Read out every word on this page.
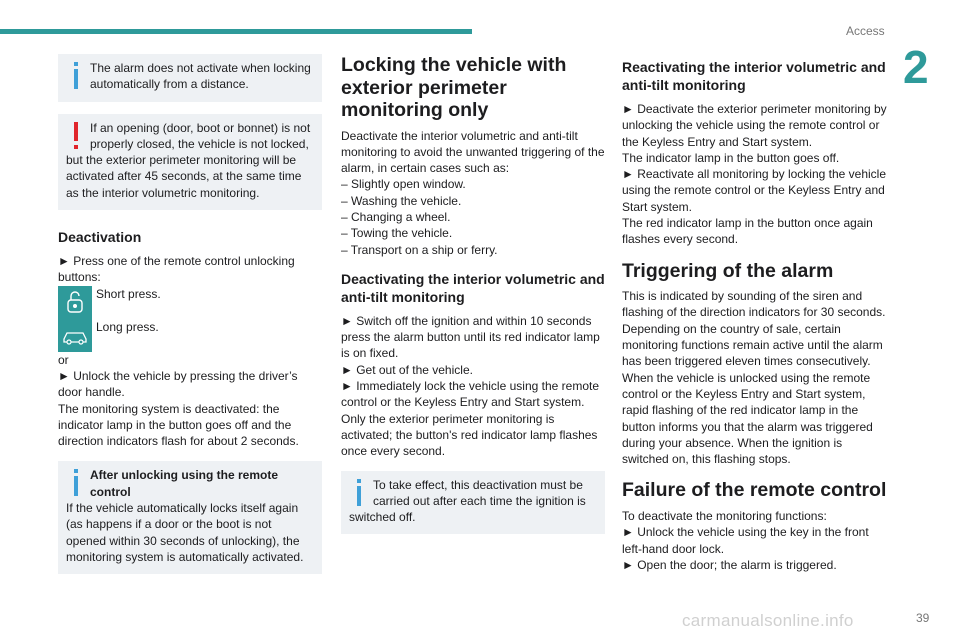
Access
2

The alarm does not activate when locking automatically from a distance.

If an opening (door, boot or bonnet) is not properly closed, the vehicle is not locked,

but the exterior perimeter monitoring will be activated after 45 seconds, at the same time as the interior volumetric monitoring.

Deactivation

► Press one of the remote control unlocking buttons:

Short press.

Long press.

or

► Unlock the vehicle by pressing the driver’s door handle.

The monitoring system is deactivated: the indicator lamp in the button goes off and the direction indicators flash for about 2 seconds.

After unlocking using the remote control

If the vehicle automatically locks itself again (as happens if a door or the boot is not opened within 30 seconds of unlocking), the monitoring system is automatically activated.

Locking the vehicle with exterior perimeter monitoring only

Deactivate the interior volumetric and anti-tilt monitoring to avoid the unwanted triggering of the alarm, in certain cases such as:

– Slightly open window.

– Washing the vehicle.

– Changing a wheel.

– Towing the vehicle.

– Transport on a ship or ferry.

Deactivating the interior volumetric and anti-tilt monitoring

► Switch off the ignition and within 10 seconds press the alarm button until its red indicator lamp is on fixed.

► Get out of the vehicle.

► Immediately lock the vehicle using the remote control or the Keyless Entry and Start system.

Only the exterior perimeter monitoring is activated; the button's red indicator lamp flashes once every second.

To take effect, this deactivation must be carried out after each time the ignition is

switched off.

Reactivating the interior volumetric and anti-tilt monitoring

► Deactivate the exterior perimeter monitoring by unlocking the vehicle using the remote control or the Keyless Entry and Start system.

The indicator lamp in the button goes off.

► Reactivate all monitoring by locking the vehicle using the remote control or the Keyless Entry and Start system.

The red indicator lamp in the button once again flashes every second.

Triggering of the alarm

This is indicated by sounding of the siren and flashing of the direction indicators for 30 seconds.

Depending on the country of sale, certain monitoring functions remain active until the alarm has been triggered eleven times consecutively.

When the vehicle is unlocked using the remote control or the Keyless Entry and Start system, rapid flashing of the red indicator lamp in the button informs you that the alarm was triggered during your absence. When the ignition is switched on, this flashing stops.

Failure of the remote control

To deactivate the monitoring functions:

► Unlock the vehicle using the key in the front left-hand door lock.

► Open the door; the alarm is triggered.

carmanualsonline.info	39
